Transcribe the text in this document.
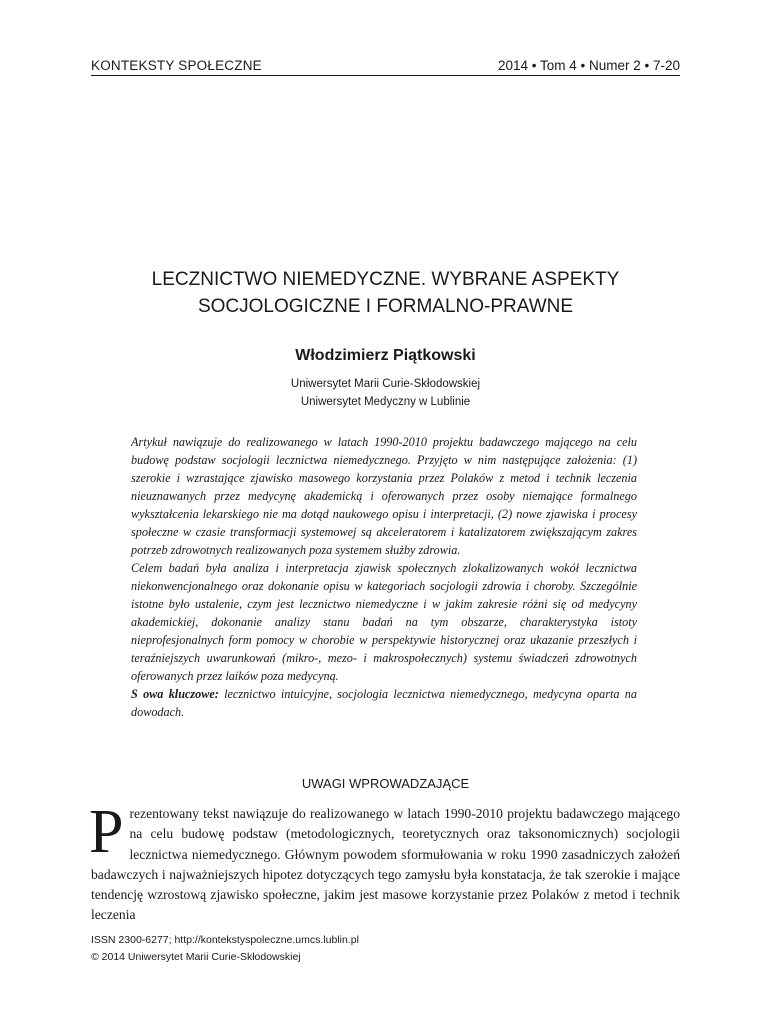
KONTEKSTY SPOŁECZNE	2014 • Tom 4 • Numer 2 • 7-20
LECZNICTWO NIEMEDYCZNE. WYBRANE ASPEKTY
SOCJOLOGICZNE I FORMALNO-PRAWNE
Włodzimierz Piątkowski
Uniwersytet Marii Curie-Skłodowskiej
Uniwersytet Medyczny w Lublinie

Artykuł nawiązuje do realizowanego w latach 1990-2010 projektu badawczego mającego na celu budowę podstaw socjologii lecznictwa niemedycznego. Przyjęto w nim następujące założenia: (1) szerokie i wzrastające zjawisko masowego korzystania przez Polaków z metod i technik leczenia nieuznawanych przez medycynę akademicką i oferowanych przez osoby niemające formalnego wykształcenia lekarskiego nie ma dotąd naukowego opisu i interpretacji, (2) nowe zjawiska i procesy społeczne w czasie transformacji systemowej są akceleratorem i katalizatorem zwiększającym zakres potrzeb zdrowotnych realizowanych poza systemem służby zdrowia.

Celem badań była analiza i interpretacja zjawisk społecznych zlokalizowanych wokół lecznictwa niekonwencjonalnego oraz dokonanie opisu w kategoriach socjologii zdrowia i choroby. Szczególnie istotne było ustalenie, czym jest lecznictwo niemedyczne i w jakim zakresie różni się od medycyny akademickiej, dokonanie analizy stanu badań na tym obszarze, charakterystyka istoty nieprofesjonalnych form pomocy w chorobie w perspektywie historycznej oraz ukazanie przeszłych i teraźniejszych uwarunkowań (mikro-, mezo- i makrospołecznych) systemu świadczeń zdrowotnych oferowanych przez laików poza medycyną.

S owa kluczowe: lecznictwo intuicyjne, socjologia lecznictwa niemedycznego, medycyna oparta na dowodach.

UWAGI WPROWADZAJĄCE

Prezentowany tekst nawiązuje do realizowanego w latach 1990-2010 projektu badawczego mającego na celu budowę podstaw (metodologicznych, teoretycznych oraz taksonomicznych) socjologii lecznictwa niemedycznego. Głównym powodem sformułowania w roku 1990 zasadniczych założeń badawczych i najważniejszych hipotez dotyczących tego zamysłu była konstatacja, że tak szerokie i mające tendencję wzrostową zjawisko społeczne, jakim jest masowe korzystanie przez Polaków z metod i technik leczenia

ISSN 2300-6277; http://kontekstyspoleczne.umcs.lublin.pl
© 2014 Uniwersytet Marii Curie-Skłodowskiej
